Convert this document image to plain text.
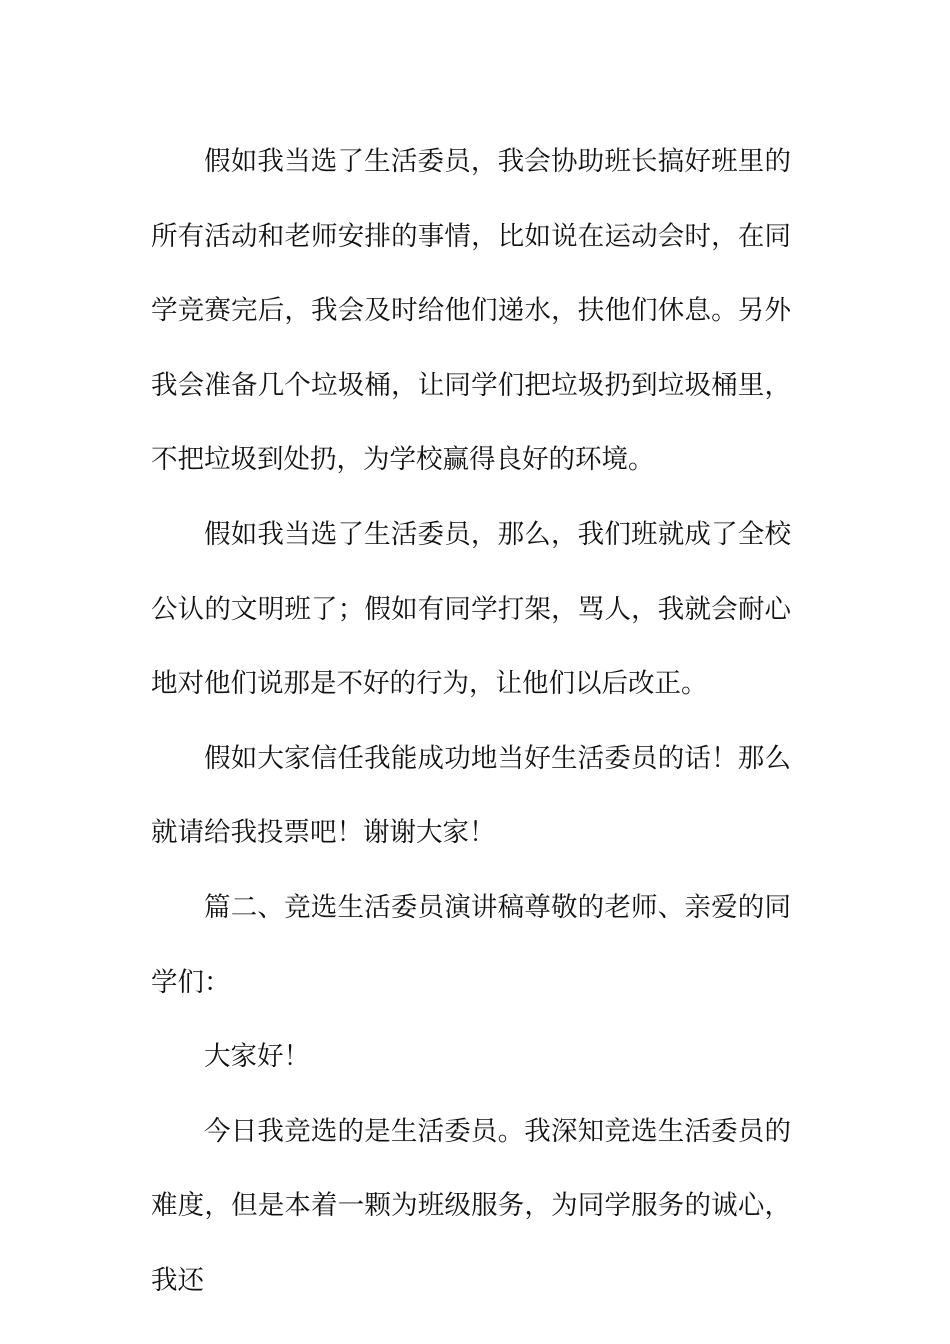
假如我当选了生活委员，我会协助班长搞好班里的所有活动和老师安排的事情，比如说在运动会时，在同学竞赛完后，我会及时给他们递水，扶他们休息。另外我会准备几个垃圾桶，让同学们把垃圾扔到垃圾桶里，不把垃圾到处扔，为学校赢得良好的环境。

假如我当选了生活委员，那么，我们班就成了全校公认的文明班了；假如有同学打架，骂人，我就会耐心地对他们说那是不好的行为，让他们以后改正。

假如大家信任我能成功地当好生活委员的话！那么就请给我投票吧！谢谢大家！

篇二、竞选生活委员演讲稿尊敬的老师、亲爱的同学们：

大家好！

今日我竞选的是生活委员。我深知竞选生活委员的难度，但是本着一颗为班级服务，为同学服务的诚心，我还
